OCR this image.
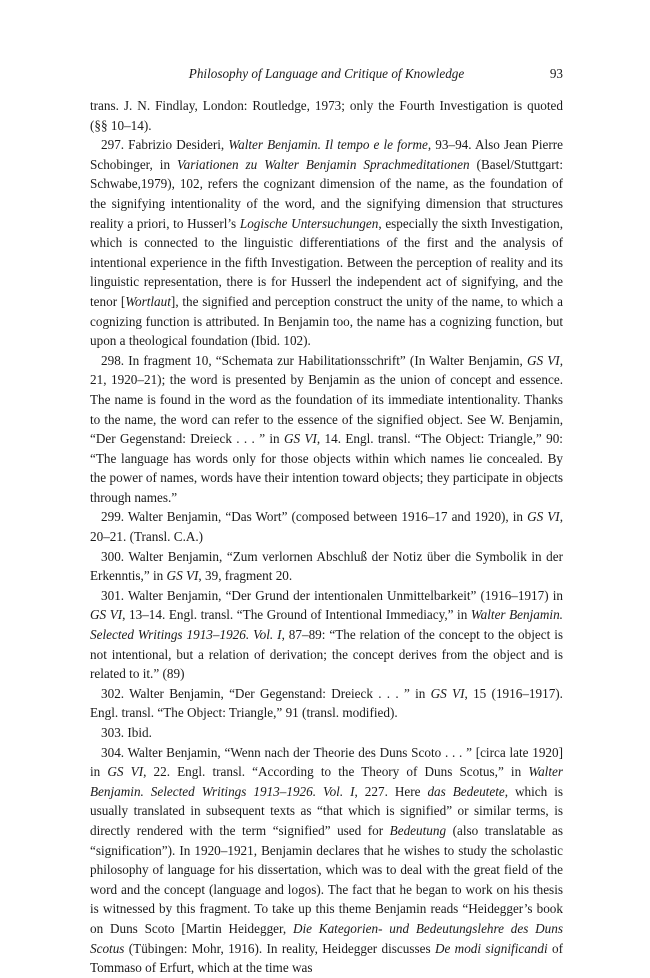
Philosophy of Language and Critique of Knowledge	93

trans. J. N. Findlay, London: Routledge, 1973; only the Fourth Investigation is quoted (§§ 10–14).

297. Fabrizio Desideri, Walter Benjamin. Il tempo e le forme, 93–94. Also Jean Pierre Schobinger, in Variationen zu Walter Benjamin Sprachmeditationen (Basel/Stuttgart: Schwabe,1979), 102, refers the cognizant dimension of the name, as the foundation of the signifying intentionality of the word, and the signifying dimension that structures reality a priori, to Husserl’s Logische Untersuchungen, especially the sixth Investigation, which is connected to the linguistic differentiations of the first and the analysis of intentional experience in the fifth Investigation. Between the perception of reality and its linguistic representation, there is for Husserl the independent act of signifying, and the tenor [Wortlaut], the signified and perception construct the unity of the name, to which a cognizing function is attributed. In Benjamin too, the name has a cognizing function, but upon a theological foundation (Ibid. 102).

298. In fragment 10, “Schemata zur Habilitationsschrift” (In Walter Benjamin, GS VI, 21, 1920–21); the word is presented by Benjamin as the union of concept and essence. The name is found in the word as the foundation of its immediate intentionality. Thanks to the name, the word can refer to the essence of the signified object. See W. Benjamin, “Der Gegenstand: Dreieck . . . ” in GS VI, 14. Engl. transl. “The Object: Triangle,” 90: “The language has words only for those objects within which names lie concealed. By the power of names, words have their intention toward objects; they participate in objects through names.”

299. Walter Benjamin, “Das Wort” (composed between 1916–17 and 1920), in GS VI, 20–21. (Transl. C.A.)

300. Walter Benjamin, “Zum verlornen Abschluß der Notiz über die Symbolik in der Erkenntis,” in GS VI, 39, fragment 20.

301. Walter Benjamin, “Der Grund der intentionalen Unmittelbarkeit” (1916–1917) in GS VI, 13–14. Engl. transl. “The Ground of Intentional Immediacy,” in Walter Benjamin. Selected Writings 1913–1926. Vol. I, 87–89: “The relation of the concept to the object is not intentional, but a relation of derivation; the concept derives from the object and is related to it.” (89)

302. Walter Benjamin, “Der Gegenstand: Dreieck . . . ” in GS VI, 15 (1916–1917). Engl. transl. “The Object: Triangle,” 91 (transl. modified).

303. Ibid.

304. Walter Benjamin, “Wenn nach der Theorie des Duns Scoto . . . ” [circa late 1920] in GS VI, 22. Engl. transl. “According to the Theory of Duns Scotus,” in Walter Benjamin. Selected Writings 1913–1926. Vol. I, 227. Here das Bedeutete, which is usually translated in subsequent texts as “that which is signified” or similar terms, is directly rendered with the term “signified” used for Bedeutung (also translatable as “signification”). In 1920–1921, Benjamin declares that he wishes to study the scholastic philosophy of language for his dissertation, which was to deal with the great field of the word and the concept (language and logos). The fact that he began to work on his thesis is witnessed by this fragment. To take up this theme Benjamin reads “Heidegger’s book on Duns Scoto [Martin Heidegger, Die Kategorien- und Bedeutungslehre des Duns Scotus (Tübingen: Mohr, 1916). In reality, Heidegger discusses De modi significandi of Tommaso of Erfurt, which at the time was
